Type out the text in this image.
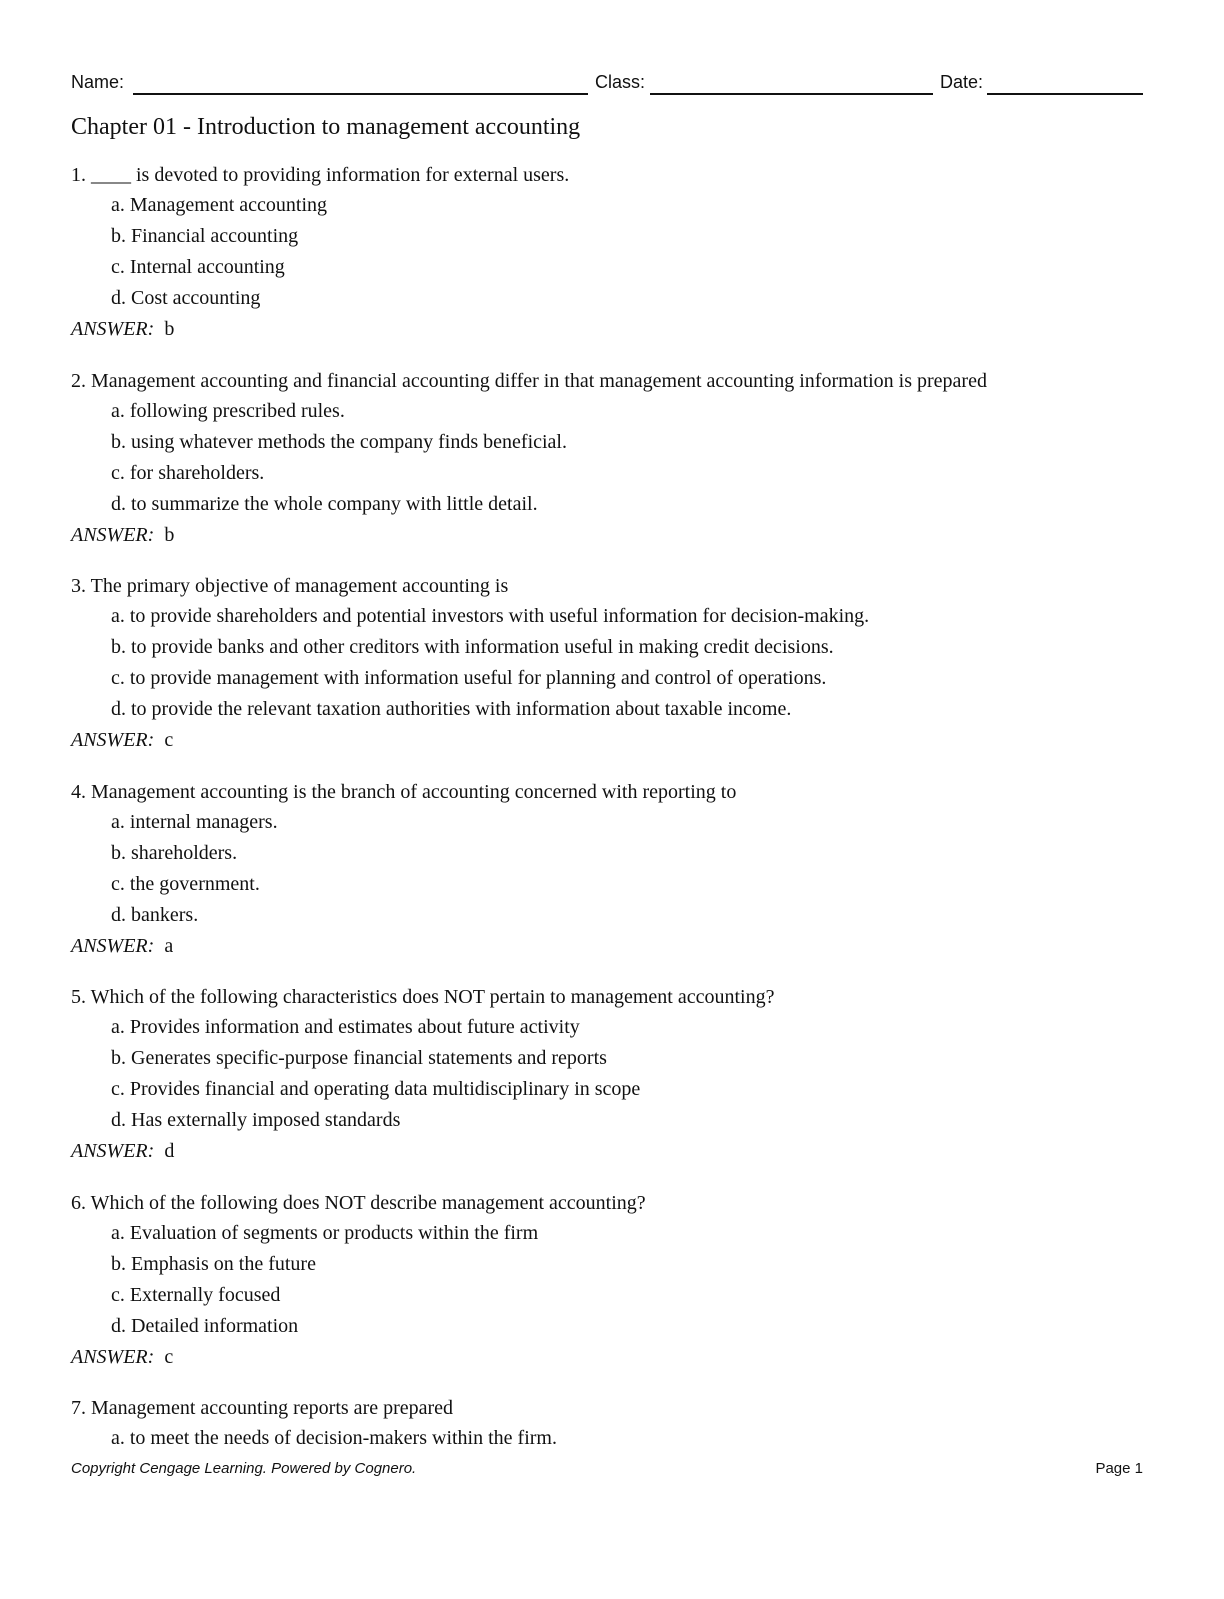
Name:	Class:	Date:
Chapter 01 - Introduction to management accounting
1. ____ is devoted to providing information for external users.
a. Management accounting
b. Financial accounting
c. Internal accounting
d. Cost accounting
ANSWER: b
2. Management accounting and financial accounting differ in that management accounting information is prepared
a. following prescribed rules.
b. using whatever methods the company finds beneficial.
c. for shareholders.
d. to summarize the whole company with little detail.
ANSWER: b
3. The primary objective of management accounting is
a. to provide shareholders and potential investors with useful information for decision-making.
b. to provide banks and other creditors with information useful in making credit decisions.
c. to provide management with information useful for planning and control of operations.
d. to provide the relevant taxation authorities with information about taxable income.
ANSWER: c
4. Management accounting is the branch of accounting concerned with reporting to
a. internal managers.
b. shareholders.
c. the government.
d. bankers.
ANSWER: a
5. Which of the following characteristics does NOT pertain to management accounting?
a. Provides information and estimates about future activity
b. Generates specific-purpose financial statements and reports
c. Provides financial and operating data multidisciplinary in scope
d. Has externally imposed standards
ANSWER: d
6. Which of the following does NOT describe management accounting?
a. Evaluation of segments or products within the firm
b. Emphasis on the future
c. Externally focused
d. Detailed information
ANSWER: c
7. Management accounting reports are prepared
a. to meet the needs of decision-makers within the firm.
Copyright Cengage Learning. Powered by Cognero.	Page 1
